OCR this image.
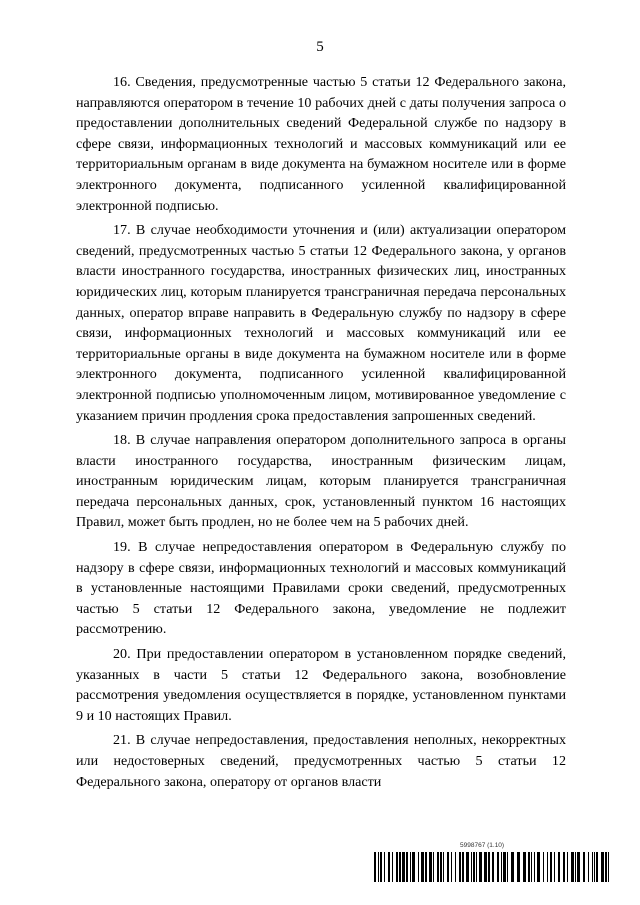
5

16. Сведения, предусмотренные частью 5 статьи 12 Федерального закона, направляются оператором в течение 10 рабочих дней с даты получения запроса о предоставлении дополнительных сведений Федеральной службе по надзору в сфере связи, информационных технологий и массовых коммуникаций или ее территориальным органам в виде документа на бумажном носителе или в форме электронного документа, подписанного усиленной квалифицированной электронной подписью.

17. В случае необходимости уточнения и (или) актуализации оператором сведений, предусмотренных частью 5 статьи 12 Федерального закона, у органов власти иностранного государства, иностранных физических лиц, иностранных юридических лиц, которым планируется трансграничная передача персональных данных, оператор вправе направить в Федеральную службу по надзору в сфере связи, информационных технологий и массовых коммуникаций или ее территориальные органы в виде документа на бумажном носителе или в форме электронного документа, подписанного усиленной квалифицированной электронной подписью уполномоченным лицом, мотивированное уведомление с указанием причин продления срока предоставления запрошенных сведений.

18. В случае направления оператором дополнительного запроса в органы власти иностранного государства, иностранным физическим лицам, иностранным юридическим лицам, которым планируется трансграничная передача персональных данных, срок, установленный пунктом 16 настоящих Правил, может быть продлен, но не более чем на 5 рабочих дней.

19. В случае непредоставления оператором в Федеральную службу по надзору в сфере связи, информационных технологий и массовых коммуникаций в установленные настоящими Правилами сроки сведений, предусмотренных частью 5 статьи 12 Федерального закона, уведомление не подлежит рассмотрению.

20. При предоставлении оператором в установленном порядке сведений, указанных в части 5 статьи 12 Федерального закона, возобновление рассмотрения уведомления осуществляется в порядке, установленном пунктами 9 и 10 настоящих Правил.

21. В случае непредоставления, предоставления неполных, некорректных или недостоверных сведений, предусмотренных частью 5 статьи 12 Федерального закона, оператору от органов власти

5998767 (1.10)
